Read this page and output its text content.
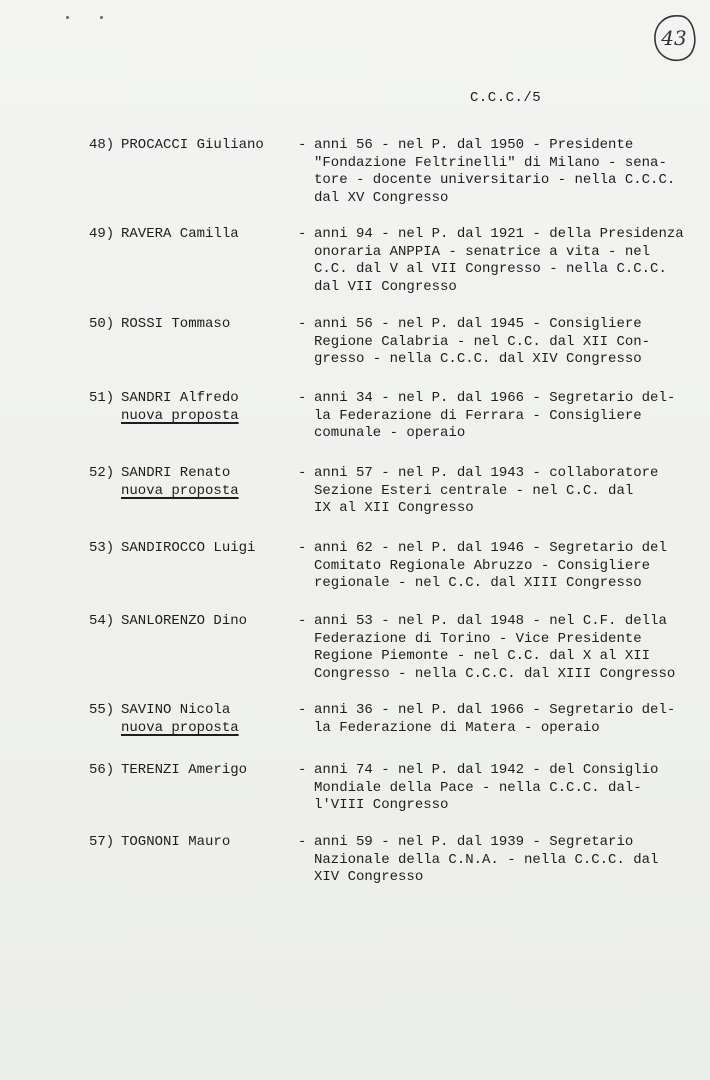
43
C.C.C./5
48) PROCACCI Giuliano - anni 56 - nel P. dal 1950 - Presidente
"Fondazione Feltrinelli" di Milano - sena-
tore - docente universitario - nella C.C.C.
dal XV Congresso
49) RAVERA Camilla	- anni 94 - nel P. dal 1921 - della Presidenza
onoraria ANPPIA - senatrice a vita - nel
C.C. dal V al VII Congresso - nella C.C.C.
dal VII Congresso
50) ROSSI Tommaso	- anni 56 - nel P. dal 1945 - Consigliere
Regione Calabria - nel C.C. dal XII Con-
gresso - nella C.C.C. dal XIV Congresso
51) SANDRI Alfredo
nuova proposta
- anni 34 - nel P. dal 1966 - Segretario del-
la Federazione di Ferrara - Consigliere
comunale - operaio
52) SANDRI Renato
nuova proposta
- anni 57 - nel P. dal 1943 - collaboratore
Sezione Esteri centrale - nel C.C. dal
IX al XII Congresso
53) SANDIROCCO Luigi	- anni 62 - nel P. dal 1946 - Segretario del
Comitato Regionale Abruzzo - Consigliere
regionale - nel C.C. dal XIII Congresso
54) SANLORENZO Dino	- anni 53 - nel P. dal 1948 - nel C.F. della
Federazione di Torino - Vice Presidente
Regione Piemonte - nel C.C. dal X al XII
Congresso - nella C.C.C. dal XIII Congresso
55) SAVINO Nicola
nuova proposta
- anni 36 - nel P. dal 1966 - Segretario del-
la Federazione di Matera - operaio
56) TERENZI Amerigo	- anni 74 - nel P. dal 1942 - del Consiglio
Mondiale della Pace - nella C.C.C. dal-
l'VIII Congresso
57) TOGNONI Mauro	- anni 59 - nel P. dal 1939 - Segretario
Nazionale della C.N.A. - nella C.C.C. dal
XIV Congresso
